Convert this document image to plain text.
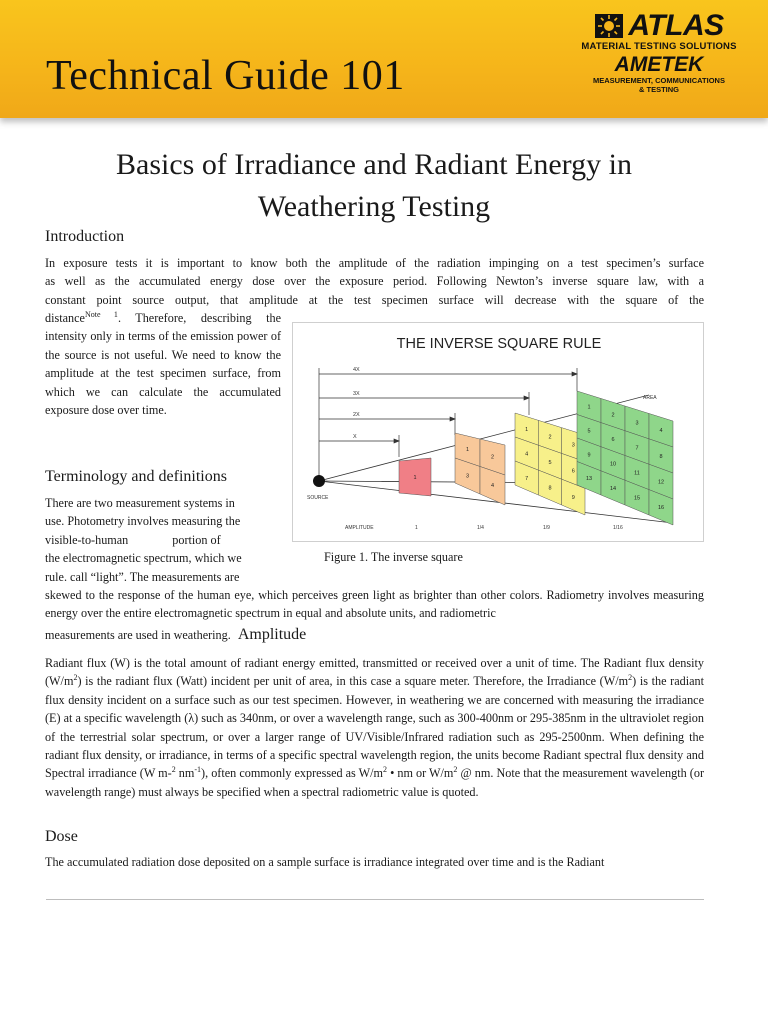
Technical Guide 101
ATLAS
MATERIAL TESTING SOLUTIONS
AMETEK
MEASUREMENT, COMMUNICATIONS
& TESTING
Basics of Irradiance and Radiant Energy in
Weathering Testing
Introduction
In exposure tests it is important to know both the amplitude of the radiation impinging on a test specimen’s surface
as well as the accumulated energy dose over the exposure period. Following Newton’s inverse square law, with a
constant point source output, that amplitude at the test specimen surface will decrease with the square of the
distance$^{Note 1}$. Therefore, describing the
intensity only in terms of the emission power of the source is not useful. We need to know the amplitude at the test specimen surface, from which we can calculate the accumulated exposure dose over time.
Terminology and definitions
There are two measurement systems in
use. Photometry involves measuring the
visible-to-human	portion of
the electromagnetic spectrum, which we
rule. call “light”. The measurements are
skewed to the response of the human eye, which perceives green light as brighter than other colors. Radiometry involves measuring energy over the entire electromagnetic spectrum in equal and absolute units, and radiometric
measurements are used in weathering. Amplitude
Radiant flux (W) is the total amount of radiant energy emitted, transmitted or received over a unit of time. The Radiant flux density $(W/m^2)$ is the radiant flux (Watt) incident per unit of area, in this case a square meter. Therefore, the Irradiance $(W/m^2)$ is the radiant flux density incident on a surface such as our test specimen. However, in weathering we are concerned with measuring the irradiance (E) at a specific wavelength (λ) such as 340nm, or over a wavelength range, such as 300-400nm or 295-385nm in the ultraviolet region of the terrestrial solar spectrum, or over a larger range of UV/Visible/Infrared radiation such as 295-2500nm. When defining the radiant flux density, or irradiance, in terms of a specific spectral wavelength region, the units become Radiant spectral flux density and Spectral irradiance (W m-$^2$ $nm^{-1}$), often commonly expressed as $W/m^2$ • nm or $W/m^2$ @ nm. Note that the measurement wavelength (or wavelength range) must always be specified when a spectral radiometric value is quoted.
Dose
The accumulated radiation dose deposited on a sample surface is irradiance integrated over time and is the Radiant
THE INVERSE SQUARE RULE
4X
3X
2X
X
1
1
2
3
4
1
2
3
4
5
6
7
8
9
1
2
3
4
5
6
7
8
9
10
11
12
13
14
15
16
SOURCE
AREA
AMPLITUDE	1	1/4	1/9	1/16
Figure 1. The inverse square
